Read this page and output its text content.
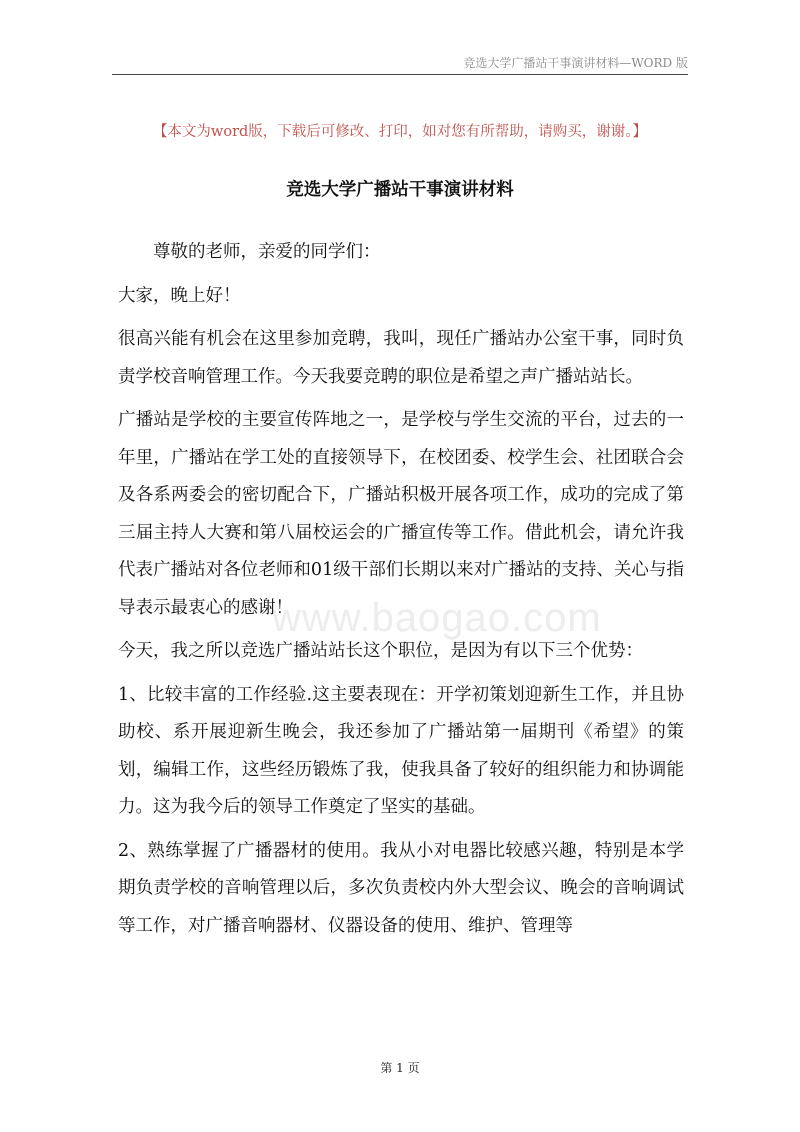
竞选大学广播站干事演讲材料—WORD 版
【本文为word版，下载后可修改、打印，如对您有所帮助，请购买，谢谢。】
竞选大学广播站干事演讲材料
www.baogao.com

尊敬的老师，亲爱的同学们：

大家，晚上好！

很高兴能有机会在这里参加竞聘，我叫，现任广播站办公室干事，同时负责学校音响管理工作。今天我要竞聘的职位是希望之声广播站站长。

广播站是学校的主要宣传阵地之一，是学校与学生交流的平台，过去的一年里，广播站在学工处的直接领导下，在校团委、校学生会、社团联合会及各系两委会的密切配合下，广播站积极开展各项工作，成功的完成了第三届主持人大赛和第八届校运会的广播宣传等工作。借此机会，请允许我代表广播站对各位老师和01级干部们长期以来对广播站的支持、关心与指导表示最衷心的感谢！

今天，我之所以竞选广播站站长这个职位，是因为有以下三个优势：

1、比较丰富的工作经验.这主要表现在：开学初策划迎新生工作，并且协助校、系开展迎新生晚会，我还参加了广播站第一届期刊《希望》的策划，编辑工作，这些经历锻炼了我，使我具备了较好的组织能力和协调能力。这为我今后的领导工作奠定了坚实的基础。

2、熟练掌握了广播器材的使用。我从小对电器比较感兴趣，特别是本学期负责学校的音响管理以后，多次负责校内外大型会议、晚会的音响调试等工作，对广播音响器材、仪器设备的使用、维护、管理等

第 1 页
